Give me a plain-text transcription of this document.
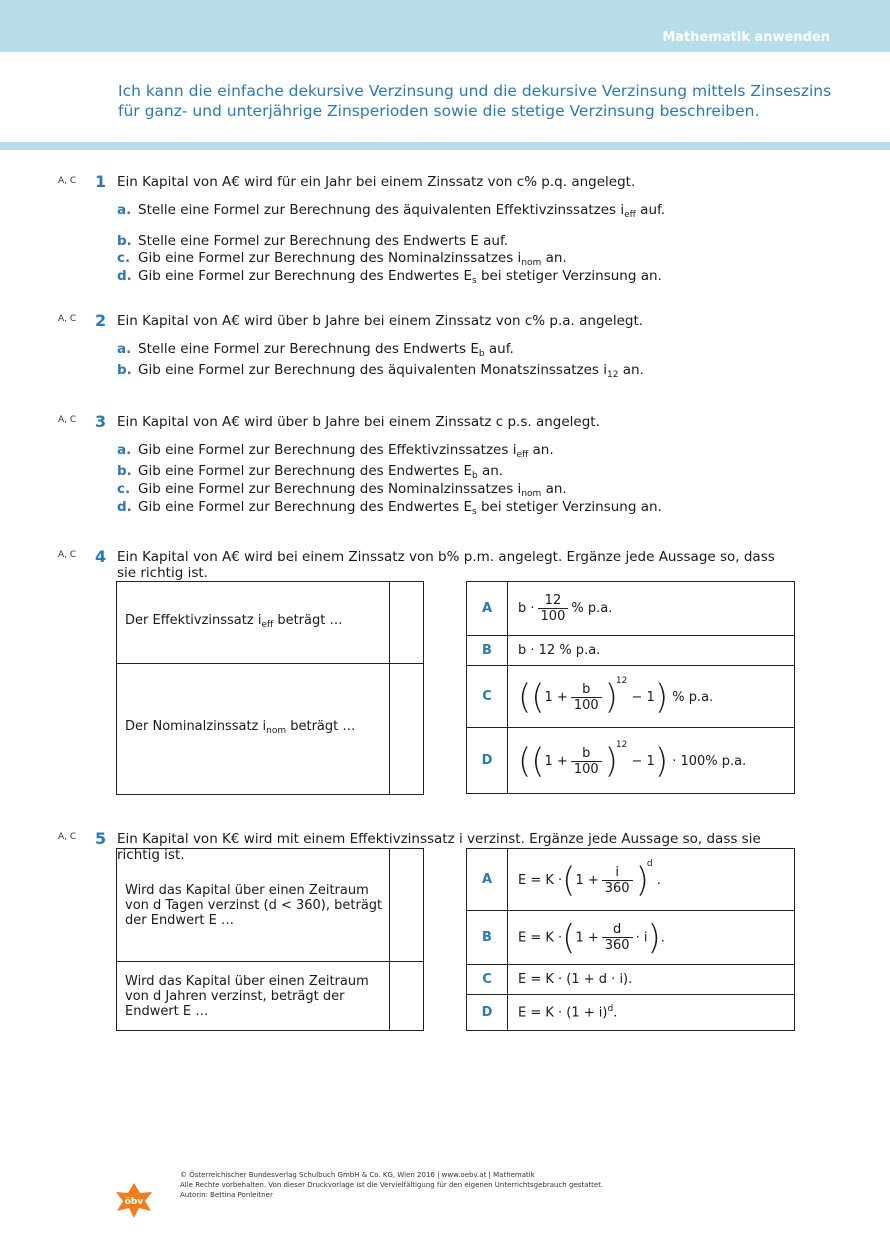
Mathematik anwenden
Ich kann die einfache dekursive Verzinsung und die dekursive Verzinsung mittels Zinseszins für ganz- und unterjährige Zinsperioden sowie die stetige Verzinsung beschreiben.
A, C 1 Ein Kapital von A€ wird für ein Jahr bei einem Zinssatz von c% p.q. angelegt.
a. Stelle eine Formel zur Berechnung des äquivalenten Effektivzinssatzes $i_{eff}$ auf.
b. Stelle eine Formel zur Berechnung des Endwerts E auf.
c. Gib eine Formel zur Berechnung des Nominalzinssatzes $i_{nom}$ an.
d. Gib eine Formel zur Berechnung des Endwertes $E_s$ bei stetiger Verzinsung an.
A, C 2 Ein Kapital von A€ wird über b Jahre bei einem Zinssatz von c% p.a. angelegt.
a. Stelle eine Formel zur Berechnung des Endwerts $E_b$ auf.
b. Gib eine Formel zur Berechnung des äquivalenten Monatszinssatzes $i_{12}$ an.
A, C 3 Ein Kapital von A€ wird über b Jahre bei einem Zinssatz c p.s. angelegt.
a. Gib eine Formel zur Berechnung des Effektivzinssatzes $i_{eff}$ an.
b. Gib eine Formel zur Berechnung des Endwertes $E_b$ an.
c. Gib eine Formel zur Berechnung des Nominalzinssatzes $i_{nom}$ an.
d. Gib eine Formel zur Berechnung des Endwertes $E_s$ bei stetiger Verzinsung an.
A, C 4 Ein Kapital von A€ wird bei einem Zinssatz von b% p.m. angelegt. Ergänze jede Aussage so, dass sie richtig ist.
Der Effektivzinssatz $i_{eff}$ beträgt …	
Der Nominalzinssatz $i_{nom}$ beträgt …	
A	$b \cdot \frac{12}{100}$ % p.a.
B	b · 12 % p.a.
C	$((1 + \frac{b}{100} )^{12} - 1)$ % p.a.
D	$((1 + \frac{b}{100} )^{12} - 1) \cdot 100\%$ p.a.
A, C 5 Ein Kapital von K€ wird mit einem Effektivzinssatz i verzinst. Ergänze jede Aussage so, dass sie richtig ist.
Wird das Kapital über einen Zeitraum von d Tagen verzinst (d < 360), beträgt der Endwert E …	
Wird das Kapital über einen Zeitraum von d Jahren verzinst, beträgt der Endwert E …	
A	$E = K \cdot(1 + \frac{i}{360} )^d$ .
B	$E = K \cdot(1 + \frac{d}{360} \cdot i)$.
C	E = K · (1 + d · i).
D	$E = K \cdot (1 + i)^d$.
öbv
© Österreichischer Bundesverlag Schulbuch GmbH & Co. KG, Wien 2016 | www.oebv.at | Mathematik
Alle Rechte vorbehalten. Von dieser Druckvorlage ist die Vervielfältigung für den eigenen Unterrichtsgebrauch gestattet.
Autorin: Bettina Ponleitner
